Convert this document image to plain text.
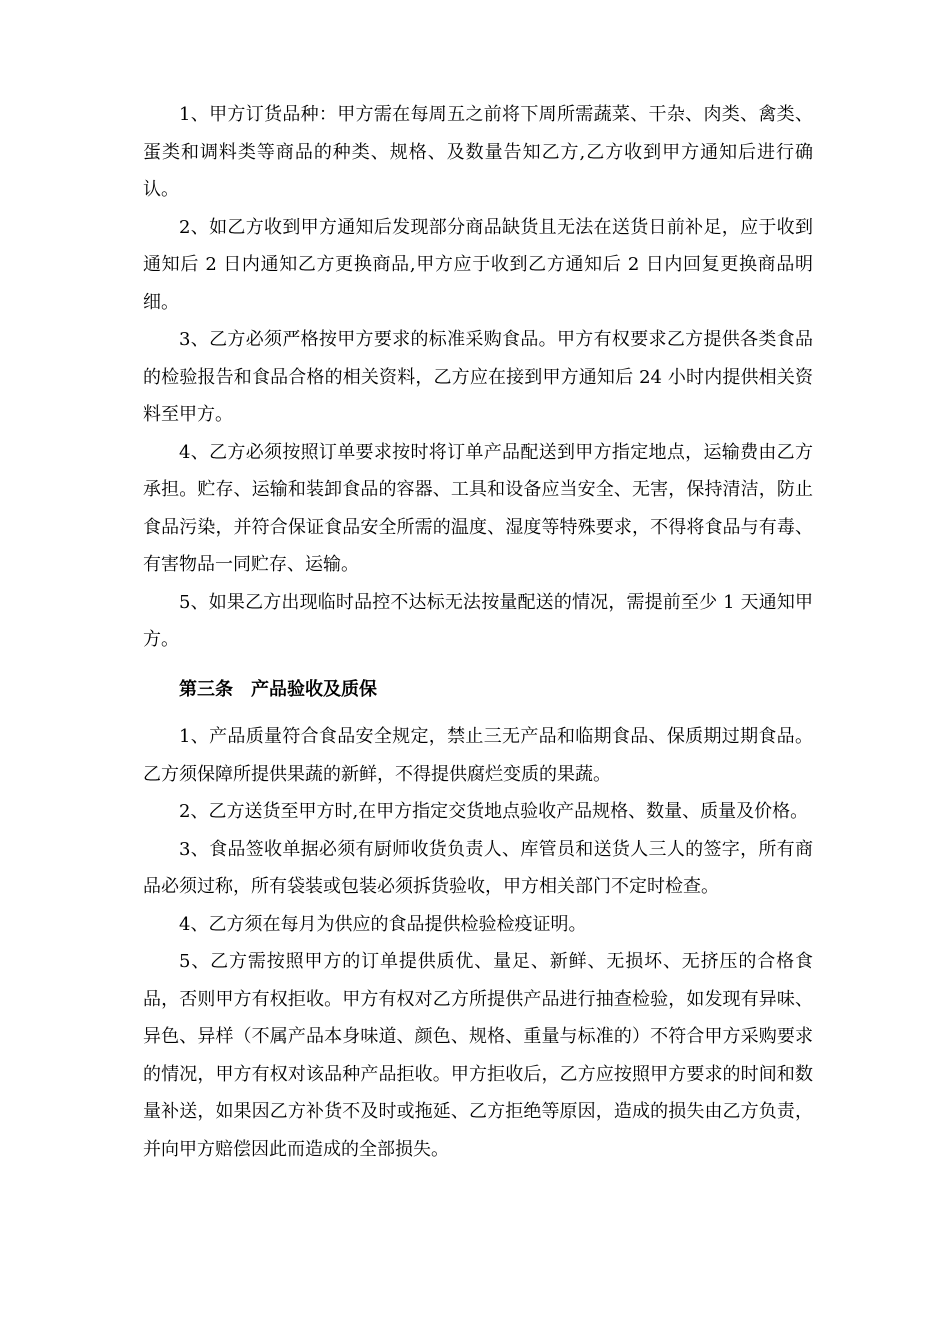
1、甲方订货品种：甲方需在每周五之前将下周所需蔬菜、干杂、肉类、禽类、蛋类和调料类等商品的种类、规格、及数量告知乙方,乙方收到甲方通知后进行确认。

2、如乙方收到甲方通知后发现部分商品缺货且无法在送货日前补足，应于收到通知后 2 日内通知乙方更换商品,甲方应于收到乙方通知后 2 日内回复更换商品明细。

3、乙方必须严格按甲方要求的标准采购食品。甲方有权要求乙方提供各类食品的检验报告和食品合格的相关资料，乙方应在接到甲方通知后 24 小时内提供相关资料至甲方。

4、乙方必须按照订单要求按时将订单产品配送到甲方指定地点，运输费由乙方承担。贮存、运输和装卸食品的容器、工具和设备应当安全、无害，保持清洁，防止食品污染，并符合保证食品安全所需的温度、湿度等特殊要求，不得将食品与有毒、有害物品一同贮存、运输。

5、如果乙方出现临时品控不达标无法按量配送的情况，需提前至少 1 天通知甲方。

第三条　产品验收及质保

1、产品质量符合食品安全规定，禁止三无产品和临期食品、保质期过期食品。乙方须保障所提供果蔬的新鲜，不得提供腐烂变质的果蔬。

2、乙方送货至甲方时,在甲方指定交货地点验收产品规格、数量、质量及价格。

3、食品签收单据必须有厨师收货负责人、库管员和送货人三人的签字，所有商品必须过称，所有袋装或包装必须拆货验收，甲方相关部门不定时检查。

4、乙方须在每月为供应的食品提供检验检疫证明。

5、乙方需按照甲方的订单提供质优、量足、新鲜、无损坏、无挤压的合格食品，否则甲方有权拒收。甲方有权对乙方所提供产品进行抽查检验，如发现有异味、异色、异样（不属产品本身味道、颜色、规格、重量与标准的）不符合甲方采购要求的情况，甲方有权对该品种产品拒收。甲方拒收后，乙方应按照甲方要求的时间和数量补送，如果因乙方补货不及时或拖延、乙方拒绝等原因，造成的损失由乙方负责，并向甲方赔偿因此而造成的全部损失。
